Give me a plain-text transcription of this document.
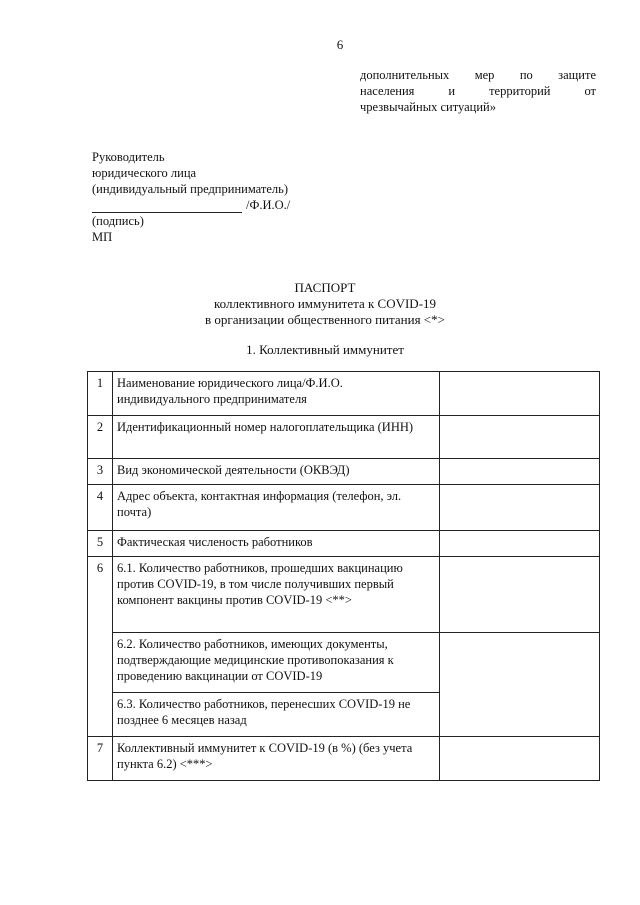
6
дополнительных мер по защите
населения и территорий от
чрезвычайных ситуаций»
Руководитель
юридического лица
(индивидуальный предприниматель)
/Ф.И.О./
(подпись)
МП
ПАСПОРТ
коллективного иммунитета к COVID-19
в организации общественного питания <*>
1. Коллективный иммунитет
1	Наименование юридического лица/Ф.И.О. индивидуального предпринимателя	
2	Идентификационный номер налогоплательщика (ИНН)	
3	Вид экономической деятельности (ОКВЭД)	
4	Адрес объекта, контактная информация (телефон, эл. почта)	
5	Фактическая численость работников	
6	6.1. Количество работников, прошедших вакцинацию против COVID-19, в том числе получивших первый компонент вакцины против COVID-19 <**>	
	6.2. Количество работников, имеющих документы, подтверждающие медицинские противопоказания к проведению вакцинации от COVID-19	
	6.3. Количество работников, перенесших COVID-19 не позднее 6 месяцев назад	
7	Коллективный иммунитет к COVID-19 (в %) (без учета пункта 6.2) <***>	
